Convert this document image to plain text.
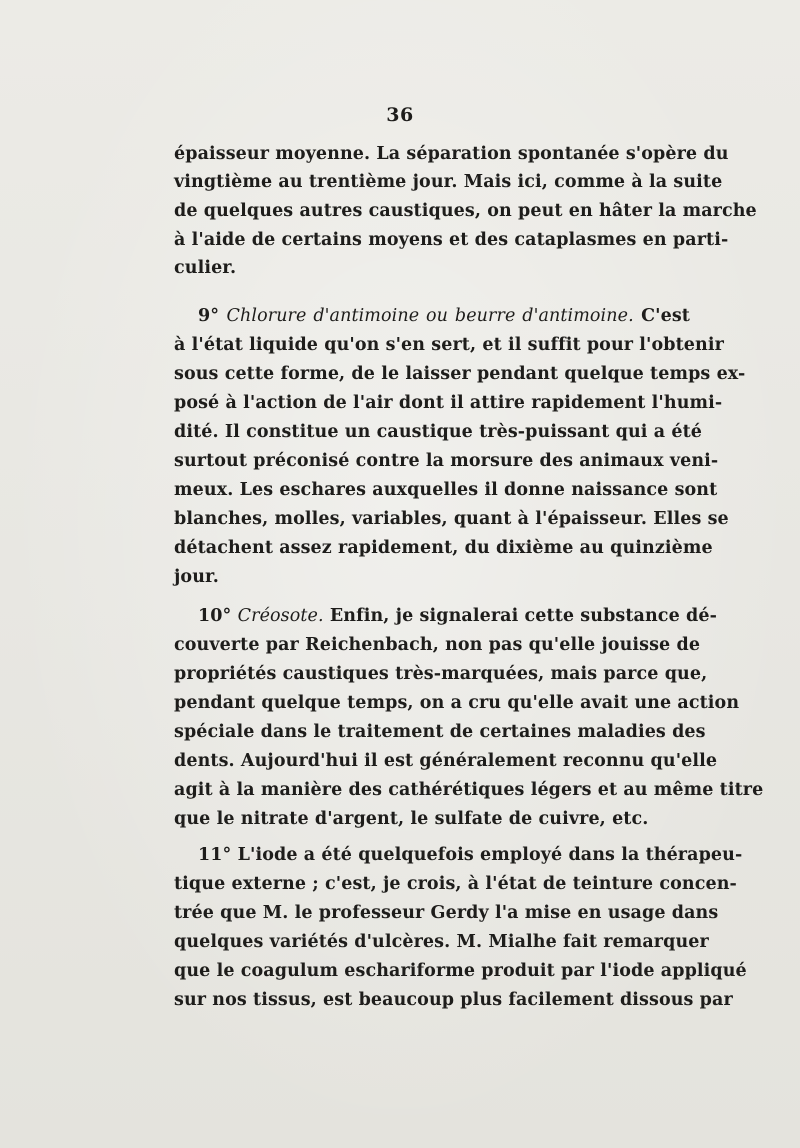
36
épaisseur moyenne. La séparation spontanée s'opère du
vingtième au trentième jour. Mais ici, comme à la suite
de quelques autres caustiques, on peut en hâter la marche
à l'aide de certains moyens et des cataplasmes en parti-
culier.
9° Chlorure d'antimoine ou beurre d'antimoine. C'est
à l'état liquide qu'on s'en sert, et il suffit pour l'obtenir
sous cette forme, de le laisser pendant quelque temps ex-
posé à l'action de l'air dont il attire rapidement l'humi-
dité. Il constitue un caustique très-puissant qui a été
surtout préconisé contre la morsure des animaux veni-
meux. Les eschares auxquelles il donne naissance sont
blanches, molles, variables, quant à l'épaisseur. Elles se
détachent assez rapidement, du dixième au quinzième
jour.
10° Créosote. Enfin, je signalerai cette substance dé-
couverte par Reichenbach, non pas qu'elle jouisse de
propriétés caustiques très-marquées, mais parce que,
pendant quelque temps, on a cru qu'elle avait une action
spéciale dans le traitement de certaines maladies des
dents. Aujourd'hui il est généralement reconnu qu'elle
agit à la manière des cathérétiques légers et au même titre
que le nitrate d'argent, le sulfate de cuivre, etc.
11° L'iode a été quelquefois employé dans la thérapeu-
tique externe ; c'est, je crois, à l'état de teinture concen-
trée que M. le professeur Gerdy l'a mise en usage dans
quelques variétés d'ulcères. M. Mialhe fait remarquer
que le coagulum eschariforme produit par l'iode appliqué
sur nos tissus, est beaucoup plus facilement dissous par
